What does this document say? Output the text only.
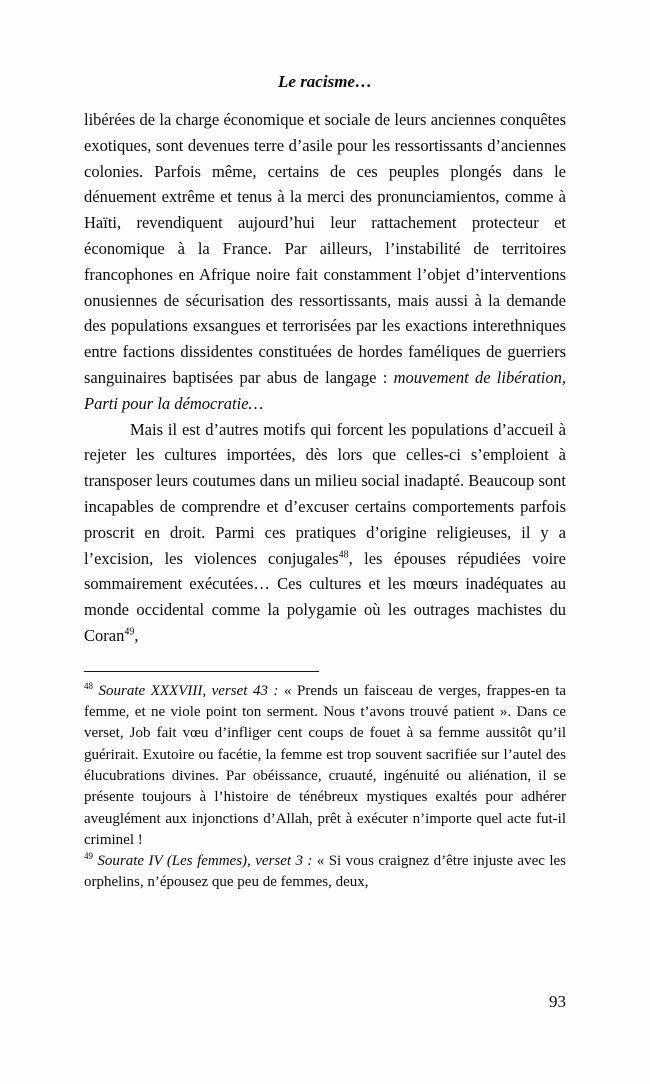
Le racisme…

libérées de la charge économique et sociale de leurs anciennes conquêtes exotiques, sont devenues terre d’asile pour les ressortissants d’anciennes colonies. Parfois même, certains de ces peuples plongés dans le dénuement extrême et tenus à la merci des pronunciamientos, comme à Haïti, revendiquent aujourd’hui leur rattachement protecteur et économique à la France. Par ailleurs, l’instabilité de territoires francophones en Afrique noire fait constamment l’objet d’interventions onusiennes de sécurisation des ressortissants, mais aussi à la demande des populations exsangues et terrorisées par les exactions interethniques entre factions dissidentes constituées de hordes faméliques de guerriers sanguinaires baptisées par abus de langage : mouvement de libération, Parti pour la démocratie…

Mais il est d’autres motifs qui forcent les populations d’accueil à rejeter les cultures importées, dès lors que celles-ci s’emploient à transposer leurs coutumes dans un milieu social inadapté. Beaucoup sont incapables de comprendre et d’excuser certains comportements parfois proscrit en droit. Parmi ces pratiques d’origine religieuses, il y a l’excision, les violences conjugales$^{48}$, les épouses répudiées voire sommairement exécutées… Ces cultures et les mœurs inadéquates au monde occidental comme la polygamie où les outrages machistes du Coran$^{49}$,

$^{48}$ Sourate XXXVIII, verset 43 : « Prends un faisceau de verges, frappes-en ta femme, et ne viole point ton serment. Nous t’avons trouvé patient ». Dans ce verset, Job fait vœu d’infliger cent coups de fouet à sa femme aussitôt qu’il guérirait. Exutoire ou facétie, la femme est trop souvent sacrifiée sur l’autel des élucubrations divines. Par obéissance, cruauté, ingénuité ou aliénation, il se présente toujours à l’histoire de ténébreux mystiques exaltés pour adhérer aveuglément aux injonctions d’Allah, prêt à exécuter n’importe quel acte fut-il criminel !

$^{49}$ Sourate IV (Les femmes), verset 3 : « Si vous craignez d’être injuste avec les orphelins, n’épousez que peu de femmes, deux,

93
